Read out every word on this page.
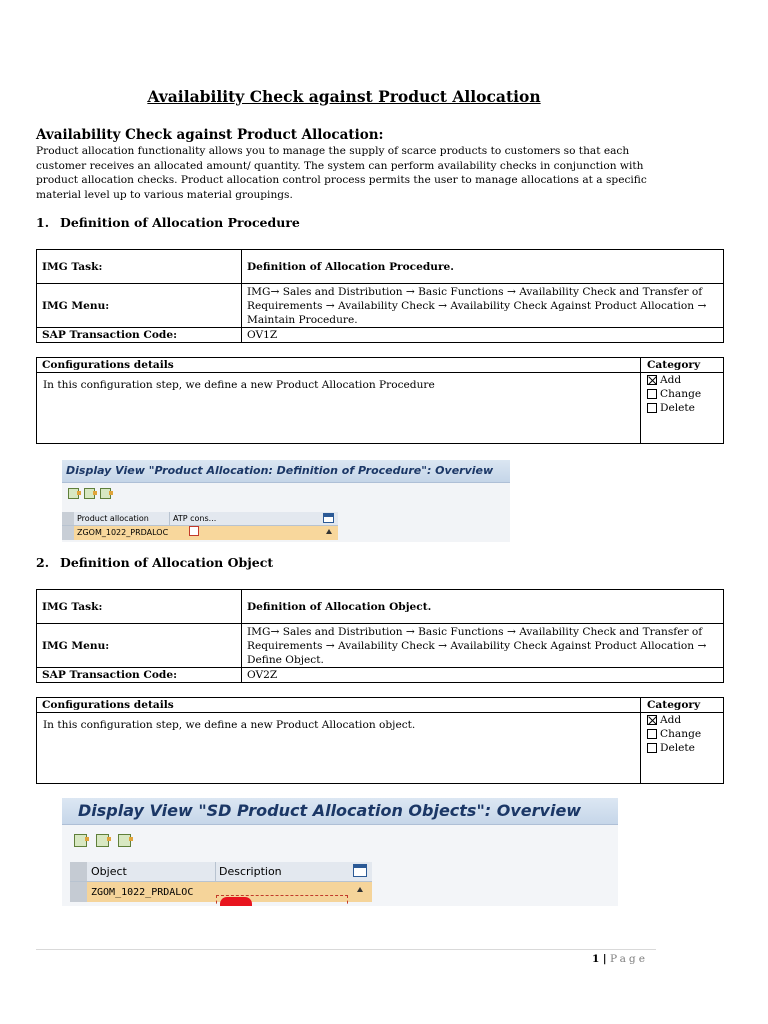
Availability Check against Product Allocation
Availability Check against Product Allocation:
Product allocation functionality allows you to manage the supply of scarce products to customers so that each customer receives an allocated amount/ quantity. The system can perform availability checks in conjunction with product allocation checks. Product allocation control process permits the user to manage allocations at a specific material level up to various material groupings.
1. Definition of Allocation Procedure
IMG Task:	Definition of Allocation Procedure.
IMG Menu:	IMG→ Sales and Distribution → Basic Functions → Availability Check and Transfer of Requirements → Availability Check → Availability Check Against Product Allocation → Maintain Procedure.
SAP Transaction Code:	OV1Z
Configurations details	Category
In this configuration step, we define a new Product Allocation Procedure	Add
Change
Delete
Display View "Product Allocation: Definition of Procedure": Overview
Product allocation	ATP cons...
ZGOM_1022_PRDALOC
2. Definition of Allocation Object
IMG Task:	Definition of Allocation Object.
IMG Menu:	IMG→ Sales and Distribution → Basic Functions → Availability Check and Transfer of Requirements → Availability Check → Availability Check Against Product Allocation → Define Object.
SAP Transaction Code:	OV2Z
Configurations details	Category
In this configuration step, we define a new Product Allocation object.	Add
Change
Delete
Display View "SD Product Allocation Objects": Overview
Object	Description
ZGOM_1022_PRDALOC
1 | Page
